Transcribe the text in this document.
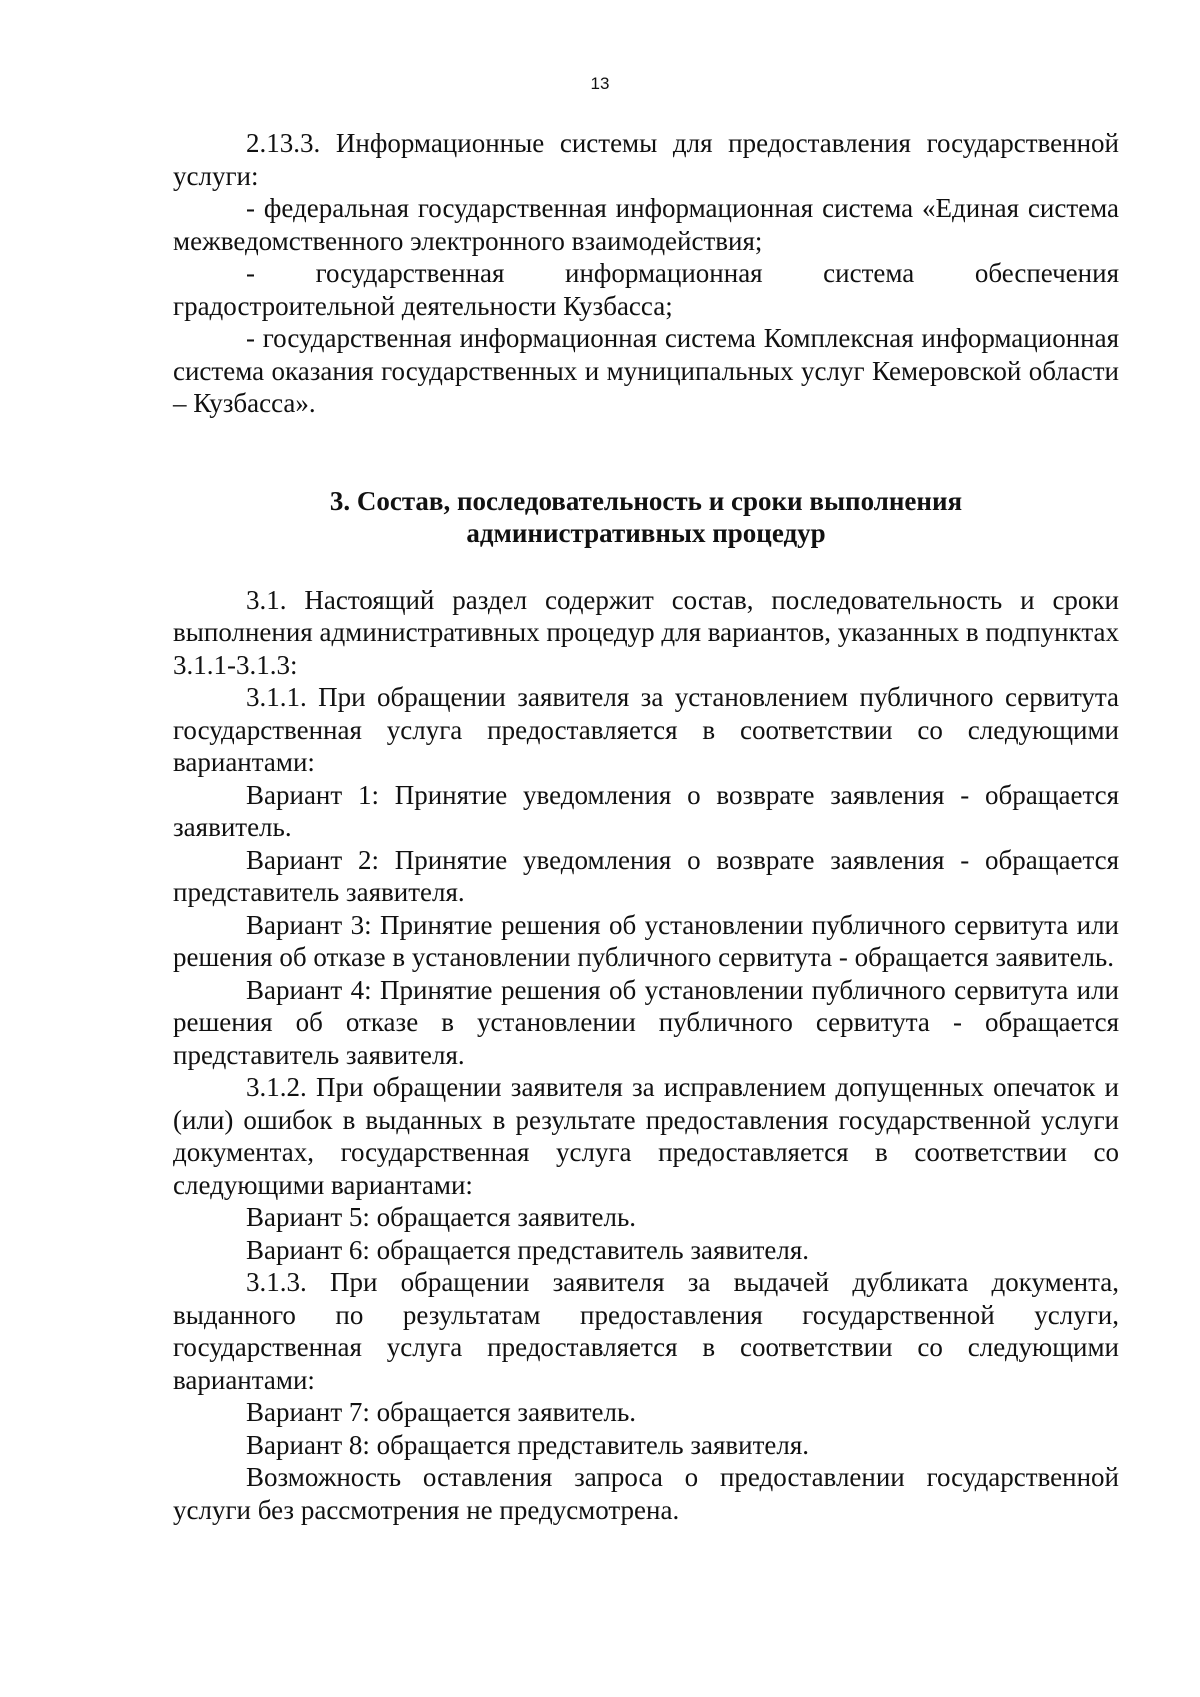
13

2.13.3. Информационные системы для предоставления государственной услуги:

- федеральная государственная информационная система «Единая система межведомственного электронного взаимодействия;

- государственная информационная система обеспечения градостроительной деятельности Кузбасса;

- государственная информационная система Комплексная информационная система оказания государственных и муниципальных услуг Кемеровской области – Кузбасса».

3. Состав, последовательность и сроки выполнения
административных процедур

3.1. Настоящий раздел содержит состав, последовательность и сроки выполнения административных процедур для вариантов, указанных в подпунктах 3.1.1-3.1.3:

3.1.1. При обращении заявителя за установлением публичного сервитута государственная услуга предоставляется в соответствии со следующими вариантами:

Вариант 1: Принятие уведомления о возврате заявления - обращается заявитель.

Вариант 2: Принятие уведомления о возврате заявления - обращается представитель заявителя.

Вариант 3: Принятие решения об установлении публичного сервитута или решения об отказе в установлении публичного сервитута - обращается заявитель.

Вариант 4: Принятие решения об установлении публичного сервитута или решения об отказе в установлении публичного сервитута - обращается представитель заявителя.

3.1.2. При обращении заявителя за исправлением допущенных опечаток и (или) ошибок в выданных в результате предоставления государственной услуги документах, государственная услуга предоставляется в соответствии со следующими вариантами:

Вариант 5: обращается заявитель.

Вариант 6: обращается представитель заявителя.

3.1.3. При обращении заявителя за выдачей дубликата документа, выданного по результатам предоставления государственной услуги, государственная услуга предоставляется в соответствии со следующими вариантами:

Вариант 7: обращается заявитель.

Вариант 8: обращается представитель заявителя.

Возможность оставления запроса о предоставлении государственной услуги без рассмотрения не предусмотрена.
